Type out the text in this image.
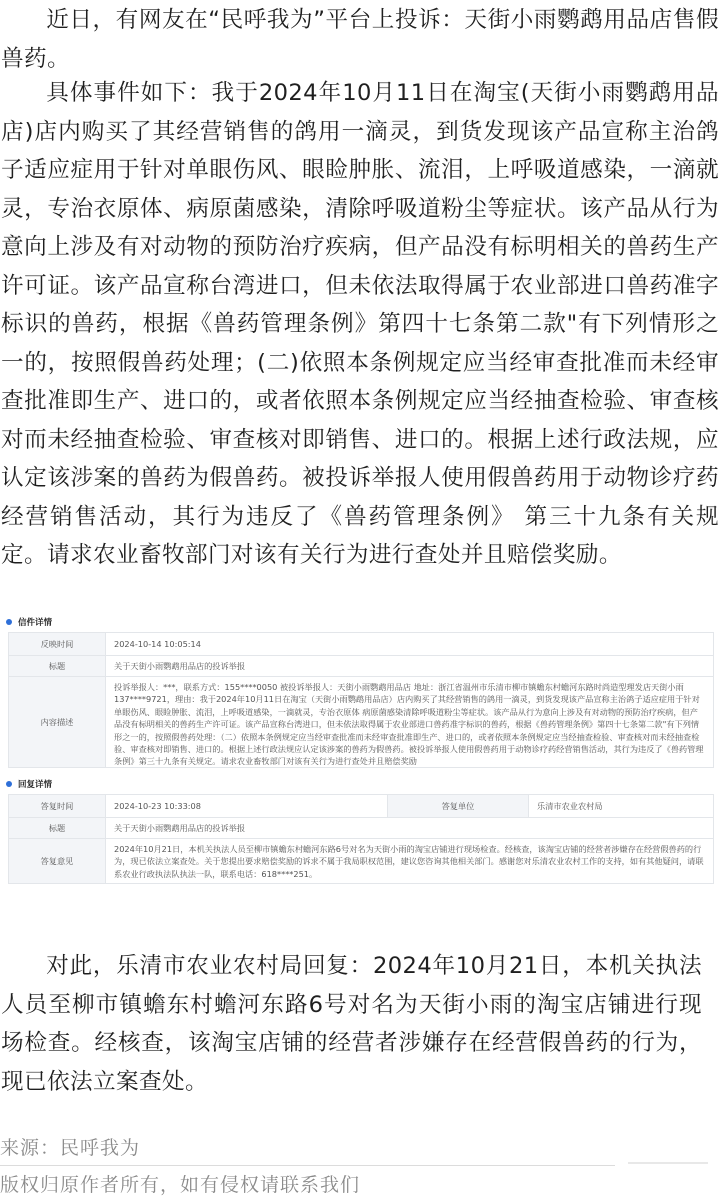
近日，有网友在“民呼我为”平台上投诉：天街小雨鹦鹉用品店售假兽药。

具体事件如下：我于2024年10月11日在淘宝(天街小雨鹦鹉用品店)店内购买了其经营销售的鸽用一滴灵，到货发现该产品宣称主治鸽子适应症用于针对单眼伤风、眼睑肿胀、流泪，上呼吸道感染，一滴就灵，专治衣原体、病原菌感染，清除呼吸道粉尘等症状。该产品从行为意向上涉及有对动物的预防治疗疾病，但产品没有标明相关的兽药生产许可证。该产品宣称台湾进口，但未依法取得属于农业部进口兽药准字标识的兽药，根据《兽药管理条例》第四十七条第二款"有下列情形之一的，按照假兽药处理；(二)依照本条例规定应当经审查批准而未经审查批准即生产、进口的，或者依照本条例规定应当经抽查检验、审查核对而未经抽查检验、审查核对即销售、进口的。根据上述行政法规，应认定该涉案的兽药为假兽药。被投诉举报人使用假兽药用于动物诊疗药经营销售活动，其行为违反了《兽药管理条例》 第三十九条有关规定。请求农业畜牧部门对该有关行为进行查处并且赔偿奖励。

信件详情
反映时间	2024-10-14 10:05:14
标题	关于天街小雨鹦鹉用品店的投诉举报
内容描述
投诉举报人：***，联系方式：155****0050 被投诉举报人：天街小雨鹦鹉用品店 地址：浙江省温州市乐清市柳市镇蟾东村蟾河东路时尚造型理发店天街小雨137****9721，理由：我于2024年10月11日在淘宝（天街小雨鹦鹉用品店）店内购买了其经营销售的鸽用一滴灵，到货发现该产品宣称主治鸽子适应症用于针对单眼伤风、眼睑肿胀、流泪，上呼吸道感染，一滴就灵，专治衣原体 病原菌感染清除呼吸道粉尘等症状。该产品从行为意向上涉及有对动物的预防治疗疾病，但产品没有标明相关的兽药生产许可证。该产品宣称台湾进口，但未依法取得属于农业部进口兽药准字标识的兽药，根据《兽药管理条例》第四十七条第二款"有下列情形之一的，按照假兽药处理：（二）依照本条例规定应当经审查批准而未经审查批准即生产、进口的，或者依照本条例规定应当经抽查检验、审查核对而未经抽查检验、审查核对即销售、进口的。根据上述行政法规应认定该涉案的兽药为假兽药。被投诉举报人使用假兽药用于动物诊疗药经营销售活动，其行为违反了《兽药管理条例》第三十九条有关规定。请求农业畜牧部门对该有关行为进行查处并且赔偿奖励
回复详情
答复时间	2024-10-23 10:33:08	答复单位	乐清市农业农村局
标题	关于天街小雨鹦鹉用品店的投诉举报
答复意见
2024年10月21日，本机关执法人员至柳市镇蟾东村蟾河东路6号对名为天街小雨的淘宝店铺进行现场检查。经核查，该淘宝店铺的经营者涉嫌存在经营假兽药的行为，现已依法立案查处。关于您提出要求赔偿奖励的诉求不属于我局职权范围，建议您咨询其他相关部门。感谢您对乐清农业农村工作的支持，如有其他疑问，请联系农业行政执法队执法一队，联系电话：618****251。

对此，乐清市农业农村局回复：2024年10月21日，本机关执法人员至柳市镇蟾东村蟾河东路6号对名为天街小雨的淘宝店铺进行现场检查。经核查，该淘宝店铺的经营者涉嫌存在经营假兽药的行为，现已依法立案查处。

来源：民呼我为
版权归原作者所有，如有侵权请联系我们
